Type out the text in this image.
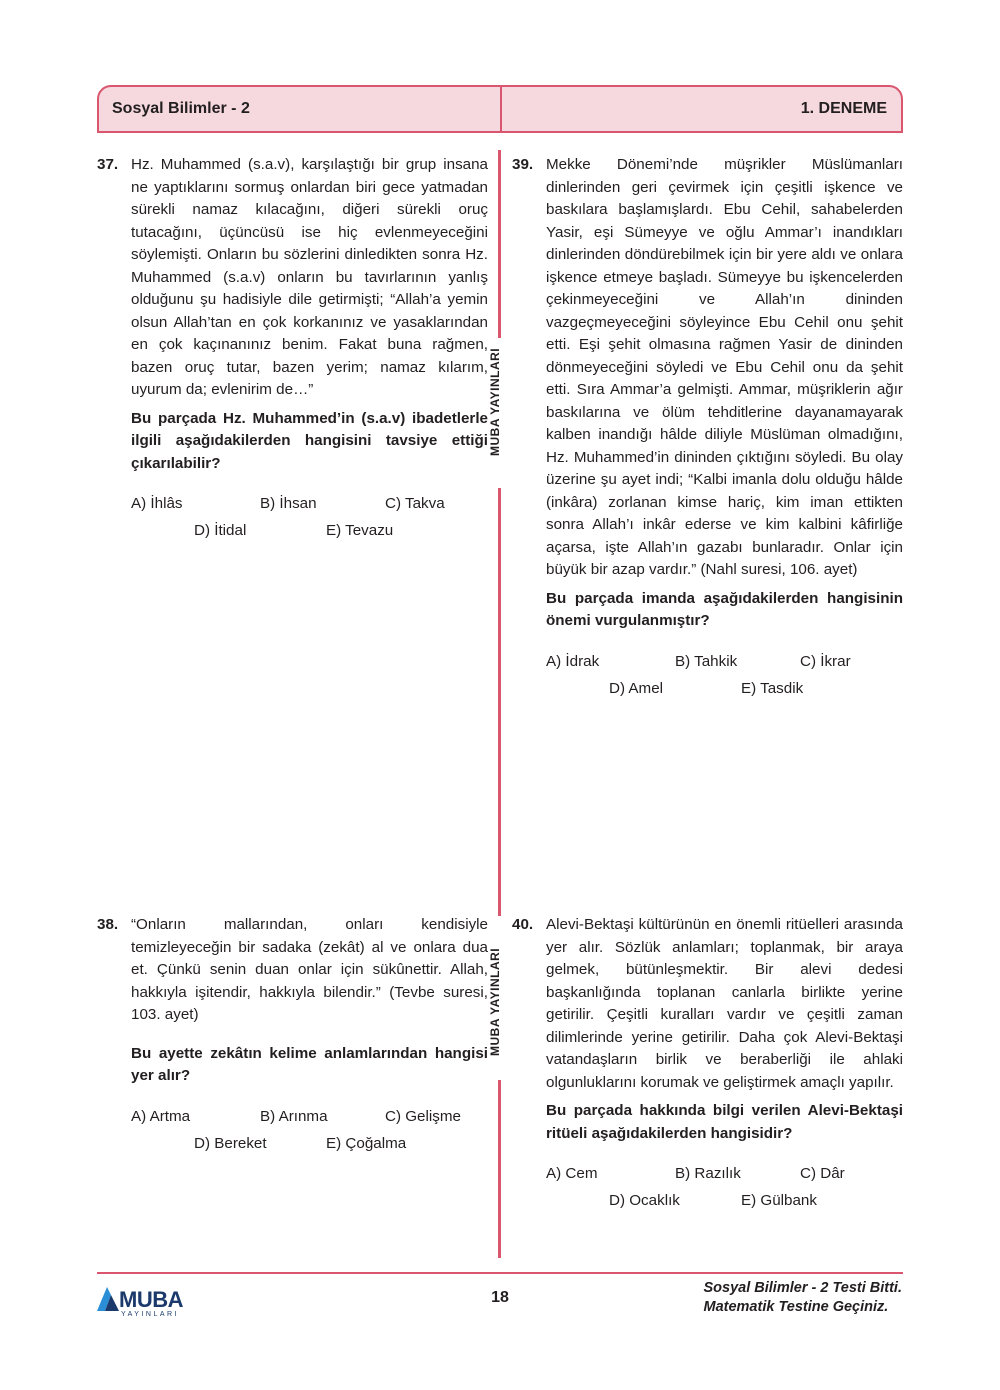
Sosyal Bilimler - 2	1. DENEME
MUBA YAYINLARI
MUBA YAYINLARI
37. Hz. Muhammed (s.a.v), karşılaştığı bir grup insana ne yaptıklarını sormuş onlardan biri gece yatmadan sürekli namaz kılacağını, diğeri sürekli oruç tutacağını, üçüncüsü ise hiç evlenmeyeceğini söylemişti. Onların bu sözlerini dinledikten sonra Hz. Muhammed (s.a.v) onların bu tavırlarının yanlış olduğunu şu hadisiyle dile getirmişti; “Allah’a yemin olsun Allah’tan en çok korkanınız ve yasaklarından en çok kaçınanınız benim. Fakat buna rağmen, bazen oruç tutar, bazen yerim; namaz kılarım, uyurum da; evlenirim de…”
Bu parçada Hz. Muhammed’in (s.a.v) ibadetlerle ilgili aşağıdakilerden hangisini tavsiye ettiği çıkarılabilir?
A) İhlâs	B) İhsan	C) Takva
D) İtidal	E) Tevazu
38. “Onların mallarından, onları kendisiyle temizleyeceğin bir sadaka (zekât) al ve onlara dua et. Çünkü senin duan onlar için sükûnettir. Allah, hakkıyla işitendir, hakkıyla bilendir.” (Tevbe suresi, 103. ayet)
Bu ayette zekâtın kelime anlamlarından hangisi yer alır?
A) Artma	B) Arınma	C) Gelişme
D) Bereket	E) Çoğalma
39. Mekke Dönemi’nde müşrikler Müslümanları dinlerinden geri çevirmek için çeşitli işkence ve baskılara başlamışlardı. Ebu Cehil, sahabelerden Yasir, eşi Sümeyye ve oğlu Ammar’ı inandıkları dinlerinden döndürebilmek için bir yere aldı ve onlara işkence etmeye başladı. Sümeyye bu işkencelerden çekinmeyeceğini ve Allah’ın dininden vazgeçmeyeceğini söyleyince Ebu Cehil onu şehit etti. Eşi şehit olmasına rağmen Yasir de dininden dönmeyeceğini söyledi ve Ebu Cehil onu da şehit etti. Sıra Ammar’a gelmişti. Ammar, müşriklerin ağır baskılarına ve ölüm tehditlerine dayanamayarak kalben inandığı hâlde diliyle Müslüman olmadığını, Hz. Muhammed’in dininden çıktığını söyledi. Bu olay üzerine şu ayet indi; “Kalbi imanla dolu olduğu hâlde (inkâra) zorlanan kimse hariç, kim iman ettikten sonra Allah’ı inkâr ederse ve kim kalbini kâfirliğe açarsa, işte Allah’ın gazabı bunlaradır. Onlar için büyük bir azap vardır.” (Nahl suresi, 106. ayet)
Bu parçada imanda aşağıdakilerden hangisinin önemi vurgulanmıştır?
A) İdrak	B) Tahkik	C) İkrar
D) Amel	E) Tasdik
40. Alevi-Bektaşi kültürünün en önemli ritüelleri arasında yer alır. Sözlük anlamları; toplanmak, bir araya gelmek, bütünleşmektir. Bir alevi dedesi başkanlığında toplanan canlarla birlikte yerine getirilir. Çeşitli kuralları vardır ve çeşitli zaman dilimlerinde yerine getirilir. Daha çok Alevi-Bektaşi vatandaşların birlik ve beraberliği ile ahlaki olgunluklarını korumak ve geliştirmek amaçlı yapılır.
Bu parçada hakkında bilgi verilen Alevi-Bektaşi ritüeli aşağıdakilerden hangisidir?
A) Cem	B) Razılık	C) Dâr
D) Ocaklık	E) Gülbank
MUBA
YAYINLARI
18
Sosyal Bilimler - 2 Testi Bitti.
Matematik Testine Geçiniz.
